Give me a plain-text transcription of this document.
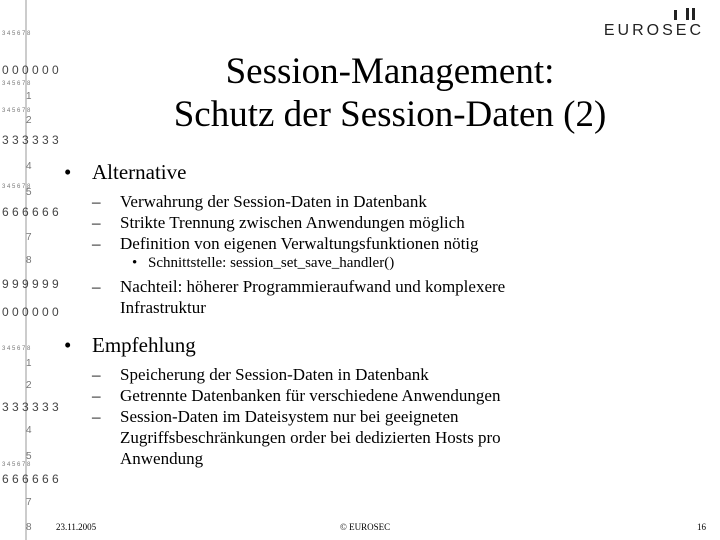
3 4 5 6 7 8
0 0 0 0 0 0
3 4 5 6 7 8
1
3 4 5 6 7 8
2
3 3 3 3 3 3
4
3 4 5 6 7 8
5
6 6 6 6 6 6
7
8
9 9 9 9 9 9
0 0 0 0 0 0
3 4 5 6 7 8
1
2
3 3 3 3 3 3
4
3 4 5 6 7 8
5
6 6 6 6 6 6
7
8
EUROSEC
Session-Management:
Schutz der Session-Daten (2)
• Alternative
– Verwahrung der Session-Daten in Datenbank
– Strikte Trennung zwischen Anwendungen möglich
– Definition von eigenen Verwaltungsfunktionen nötig
• Schnittstelle: session_set_save_handler()
– Nachteil: höherer Programmieraufwand und komplexere Infrastruktur
• Empfehlung
– Speicherung der Session-Daten in Datenbank
– Getrennte Datenbanken für verschiedene Anwendungen
– Session-Daten im Dateisystem nur bei geeigneten Zugriffsbeschränkungen order bei dedizierten Hosts pro Anwendung
23.11.2005	© EUROSEC	16
